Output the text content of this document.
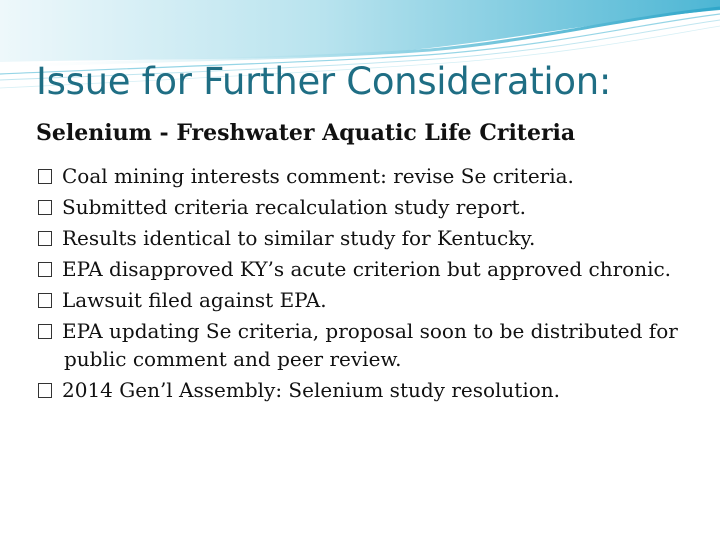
Issue for Further Consideration:
Selenium - Freshwater Aquatic Life Criteria
Coal mining interests comment: revise Se criteria.
Submitted criteria recalculation study report.
Results identical to similar study for Kentucky.
EPA disapproved KY’s acute criterion but approved chronic.
Lawsuit filed against EPA.
EPA updating Se criteria, proposal soon to be distributed for public comment and peer review.
2014 Gen’l Assembly: Selenium study resolution.
